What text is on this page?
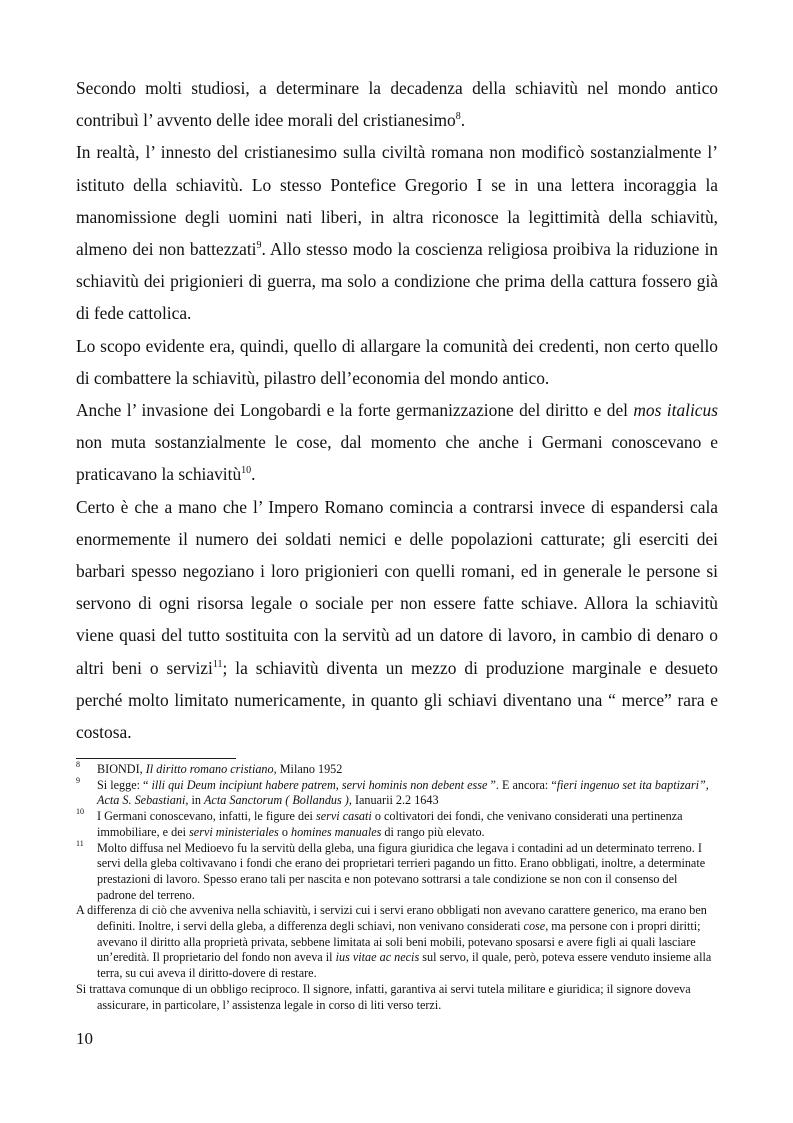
Secondo molti studiosi, a determinare la decadenza della schiavitù nel mondo antico contribuì l’ avvento delle idee morali del cristianesimo$^8$.

In realtà, l’ innesto del cristianesimo sulla civiltà romana non modificò sostanzialmente l’ istituto della schiavitù. Lo stesso Pontefice Gregorio I se in una lettera incoraggia la manomissione degli uomini nati liberi, in altra riconosce la legittimità della schiavitù, almeno dei non battezzati$^9$. Allo stesso modo la coscienza religiosa proibiva la riduzione in schiavitù dei prigionieri di guerra, ma solo a condizione che prima della cattura fossero già di fede cattolica.

Lo scopo evidente era, quindi, quello di allargare la comunità dei credenti, non certo quello di combattere la schiavitù, pilastro dell’economia del mondo antico.

Anche l’ invasione dei Longobardi e la forte germanizzazione del diritto e del mos italicus non muta sostanzialmente le cose, dal momento che anche i Germani conoscevano e praticavano la schiavitù$^{10}$.

Certo è che a mano che l’ Impero Romano comincia a contrarsi invece di espandersi cala enormemente il numero dei soldati nemici e delle popolazioni catturate; gli eserciti dei barbari spesso negoziano i loro prigionieri con quelli romani, ed in generale le persone si servono di ogni risorsa legale o sociale per non essere fatte schiave. Allora la schiavitù viene quasi del tutto sostituita con la servitù ad un datore di lavoro, in cambio di denaro o altri beni o servizi$^{11}$; la schiavitù diventa un mezzo di produzione marginale e desueto perché molto limitato numericamente, in quanto gli schiavi diventano una “ merce” rara e costosa.

8	BIONDI, Il diritto romano cristiano, Milano 1952
9	Si legge: “ illi qui Deum incipiunt habere patrem, servi hominis non debent esse ”. E ancora: “fieri ingenuo set ita baptizari”, Acta S. Sebastiani, in Acta Sanctorum ( Bollandus ), Ianuarii 2.2 1643
10	I Germani conoscevano, infatti, le figure dei servi casati o coltivatori dei fondi, che venivano considerati una pertinenza immobiliare, e dei servi ministeriales o homines manuales di rango più elevato.
11	Molto diffusa nel Medioevo fu la servitù della gleba, una figura giuridica che legava i contadini ad un determinato terreno. I servi della gleba coltivavano i fondi che erano dei proprietari terrieri pagando un fitto. Erano obbligati, inoltre, a determinate prestazioni di lavoro. Spesso erano tali per nascita e non potevano sottrarsi a tale condizione se non con il consenso del padrone del terreno.

A differenza di ciò che avveniva nella schiavitù, i servizi cui i servi erano obbligati non avevano carattere generico, ma erano ben definiti. Inoltre, i servi della gleba, a differenza degli schiavi, non venivano considerati cose, ma persone con i propri diritti; avevano il diritto alla proprietà privata, sebbene limitata ai soli beni mobili, potevano sposarsi e avere figli ai quali lasciare un’eredità. Il proprietario del fondo non aveva il ius vitae ac necis sul servo, il quale, però, poteva essere venduto insieme alla terra, su cui aveva il diritto-dovere di restare.

Si trattava comunque di un obbligo reciproco. Il signore, infatti, garantiva ai servi tutela militare e giuridica; il signore doveva assicurare, in particolare, l’ assistenza legale in corso di liti verso terzi.

10
